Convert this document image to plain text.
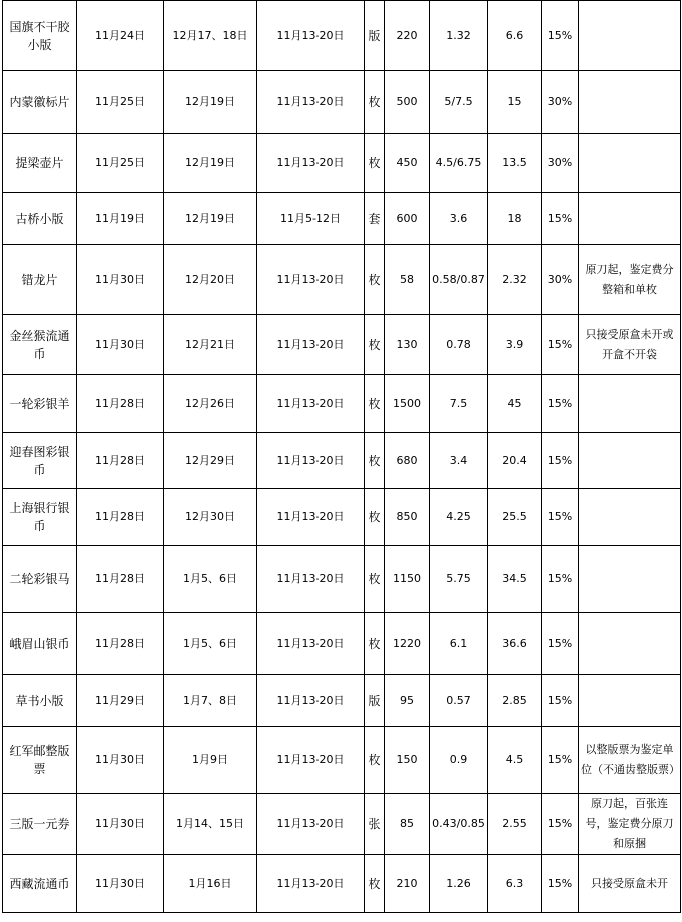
国旗不干胶小版	11月24日	12月17、18日	11月13-20日	版	220	1.32	6.6	15%	
内蒙徽标片	11月25日	12月19日	11月13-20日	枚	500	5/7.5	15	30%	
提梁壶片	11月25日	12月19日	11月13-20日	枚	450	4.5/6.75	13.5	30%	
古桥小版	11月19日	12月19日	11月5-12日	套	600	3.6	18	15%	
错龙片	11月30日	12月20日	11月13-20日	枚	58	0.58/0.87	2.32	30%	原刀起，鉴定费分整箱和单枚
金丝猴流通币	11月30日	12月21日	11月13-20日	枚	130	0.78	3.9	15%	只接受原盒未开或开盒不开袋
一轮彩银羊	11月28日	12月26日	11月13-20日	枚	1500	7.5	45	15%	
迎春图彩银币	11月28日	12月29日	11月13-20日	枚	680	3.4	20.4	15%	
上海银行银币	11月28日	12月30日	11月13-20日	枚	850	4.25	25.5	15%	
二轮彩银马	11月28日	1月5、6日	11月13-20日	枚	1150	5.75	34.5	15%	
峨眉山银币	11月28日	1月5、6日	11月13-20日	枚	1220	6.1	36.6	15%	
草书小版	11月29日	1月7、8日	11月13-20日	版	95	0.57	2.85	15%	
红军邮整版票	11月30日	1月9日	11月13-20日	枚	150	0.9	4.5	15%	以整版票为鉴定单位（不通齿整版票）
三版一元券	11月30日	1月14、15日	11月13-20日	张	85	0.43/0.85	2.55	15%	原刀起，百张连号，鉴定费分原刀和原捆
西藏流通币	11月30日	1月16日	11月13-20日	枚	210	1.26	6.3	15%	只接受原盒未开
